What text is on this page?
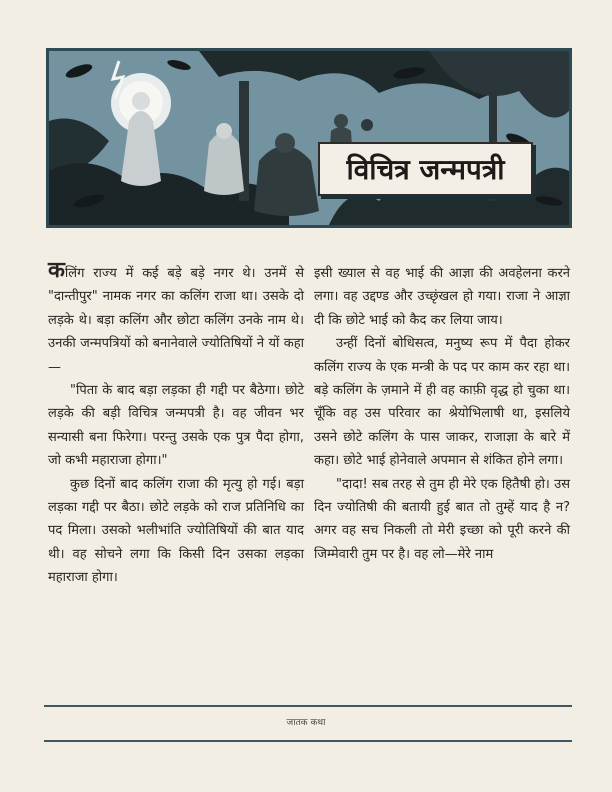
विचित्र जन्मपत्री

कलिंग राज्य में कई बड़े बड़े नगर थे। उनमें से "दान्तीपुर" नामक नगर का कलिंग राजा था। उसके दो लड़के थे। बड़ा कलिंग और छोटा कलिंग उनके नाम थे। उनकी जन्मपत्रियों को बनानेवाले ज्योतिषियों ने यों कहा—

"पिता के बाद बड़ा लड़का ही गद्दी पर बैठेगा। छोटे लड़के की बड़ी विचित्र जन्मपत्री है। वह जीवन भर सन्यासी बना फिरेगा। परन्तु उसके एक पुत्र पैदा होगा, जो कभी महाराजा होगा।"

कुछ दिनों बाद कलिंग राजा की मृत्यु हो गई। बड़ा लड़का गद्दी पर बैठा। छोटे लड़के को राज प्रतिनिधि का पद मिला। उसको भलीभांति ज्योतिषियों की बात याद थी। वह सोचने लगा कि किसी दिन उसका लड़का महाराजा होगा।

इसी ख्याल से वह भाई की आज्ञा की अवहेलना करने लगा। वह उद्दण्ड और उच्छृंखल हो गया। राजा ने आज्ञा दी कि छोटे भाई को कैद कर लिया जाय।

उन्हीं दिनों बोधिसत्व, मनुष्य रूप में पैदा होकर कलिंग राज्य के एक मन्त्री के पद पर काम कर रहा था। बड़े कलिंग के ज़माने में ही वह काफ़ी वृद्ध हो चुका था। चूँकि वह उस परिवार का श्रेयोभिलाषी था, इसलिये उसने छोटे कलिंग के पास जाकर, राजाज्ञा के बारे में कहा। छोटे भाई होनेवाले अपमान से शंकित होने लगा।

"दादा! सब तरह से तुम ही मेरे एक हितैषी हो। उस दिन ज्योतिषी की बतायी हुई बात तो तुम्हें याद है न? अगर वह सच निकली तो मेरी इच्छा को पूरी करने की जिम्मेवारी तुम पर है। वह लो—मेरे नाम

जातक कथा
